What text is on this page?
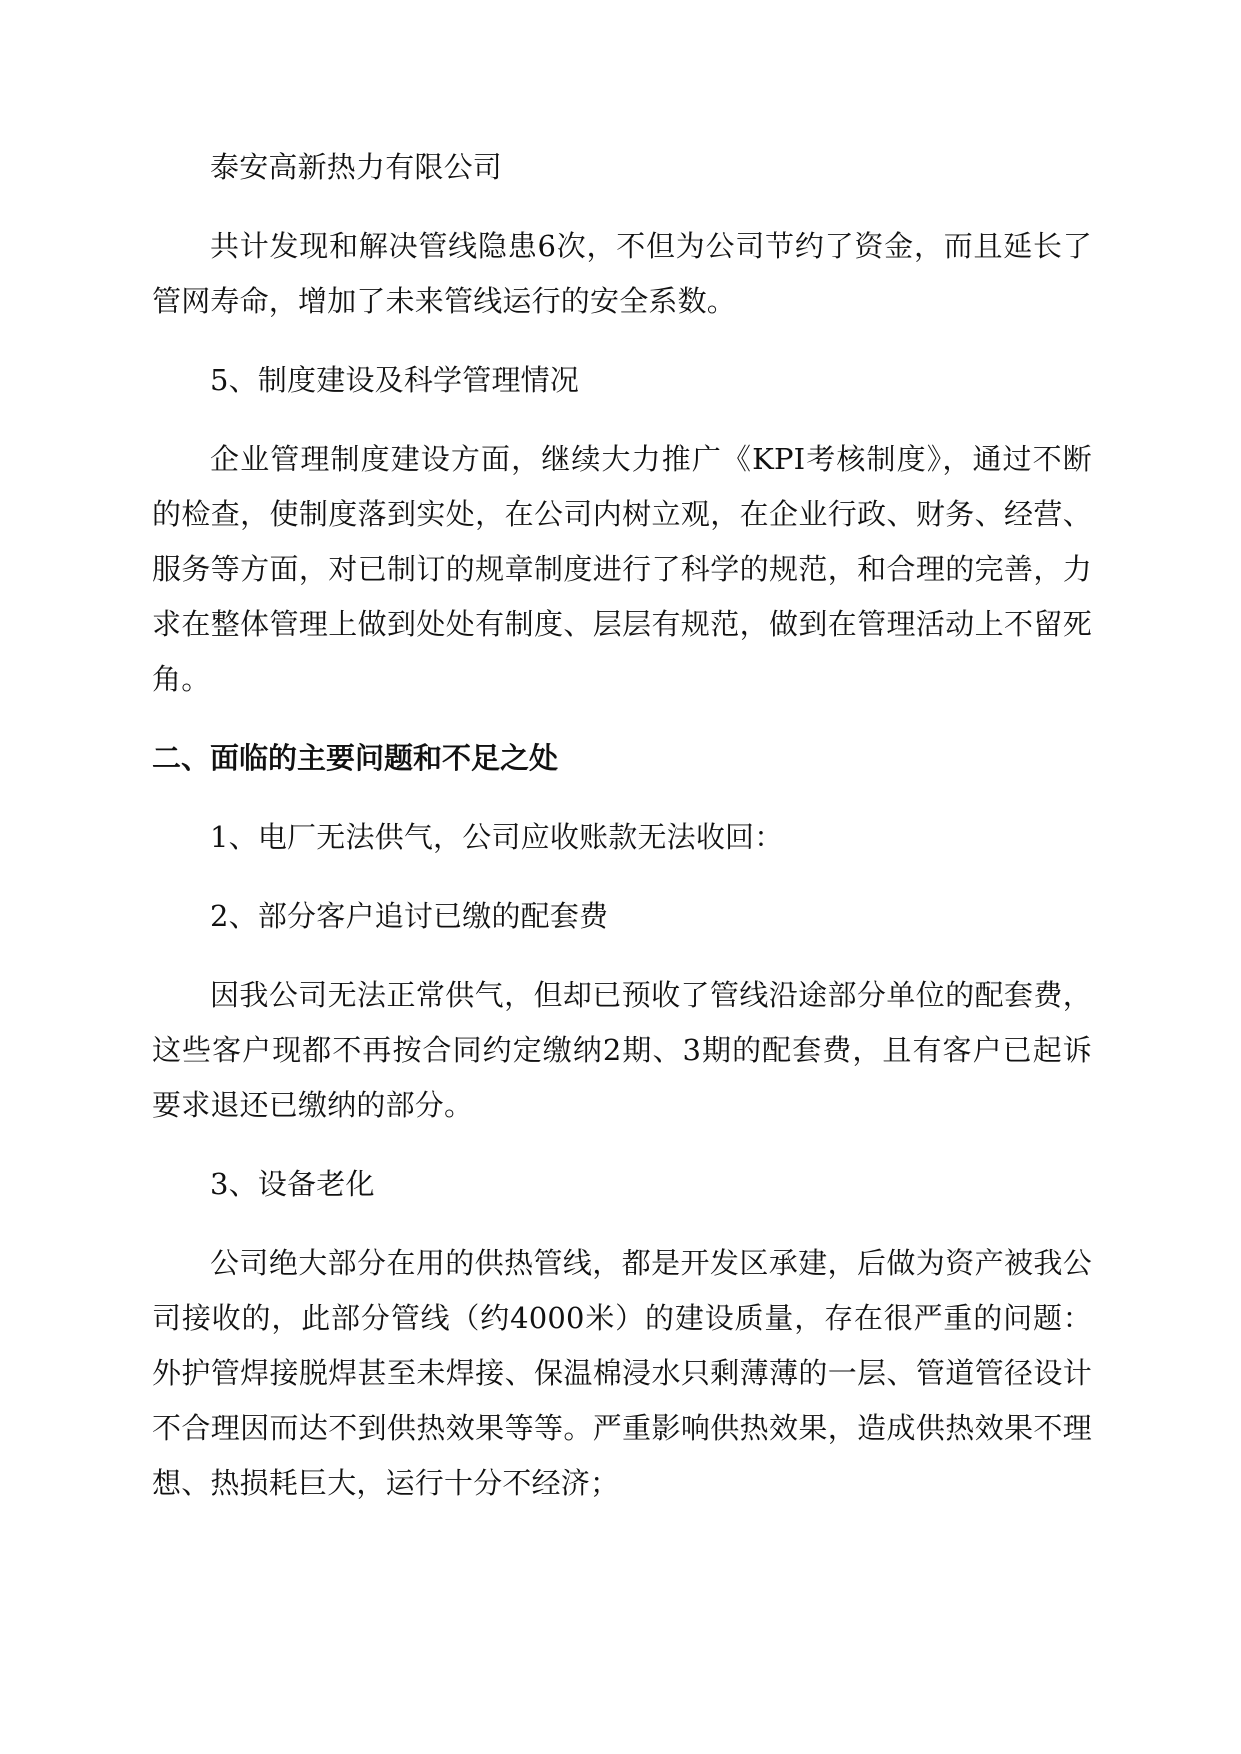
泰安高新热力有限公司

共计发现和解决管线隐患6次，不但为公司节约了资金，而且延长了管网寿命，增加了未来管线运行的安全系数。

5、制度建设及科学管理情况

企业管理制度建设方面，继续大力推广《KPI考核制度》，通过不断的检查，使制度落到实处，在公司内树立观，在企业行政、财务、经营、服务等方面，对已制订的规章制度进行了科学的规范，和合理的完善，力求在整体管理上做到处处有制度、层层有规范，做到在管理活动上不留死角。

二、面临的主要问题和不足之处

1、电厂无法供气，公司应收账款无法收回：

2、部分客户追讨已缴的配套费

因我公司无法正常供气，但却已预收了管线沿途部分单位的配套费，这些客户现都不再按合同约定缴纳2期、3期的配套费，且有客户已起诉要求退还已缴纳的部分。

3、设备老化

公司绝大部分在用的供热管线，都是开发区承建，后做为资产被我公司接收的，此部分管线（约4000米）的建设质量，存在很严重的问题：外护管焊接脱焊甚至未焊接、保温棉浸水只剩薄薄的一层、管道管径设计不合理因而达不到供热效果等等。严重影响供热效果，造成供热效果不理想、热损耗巨大，运行十分不经济；
